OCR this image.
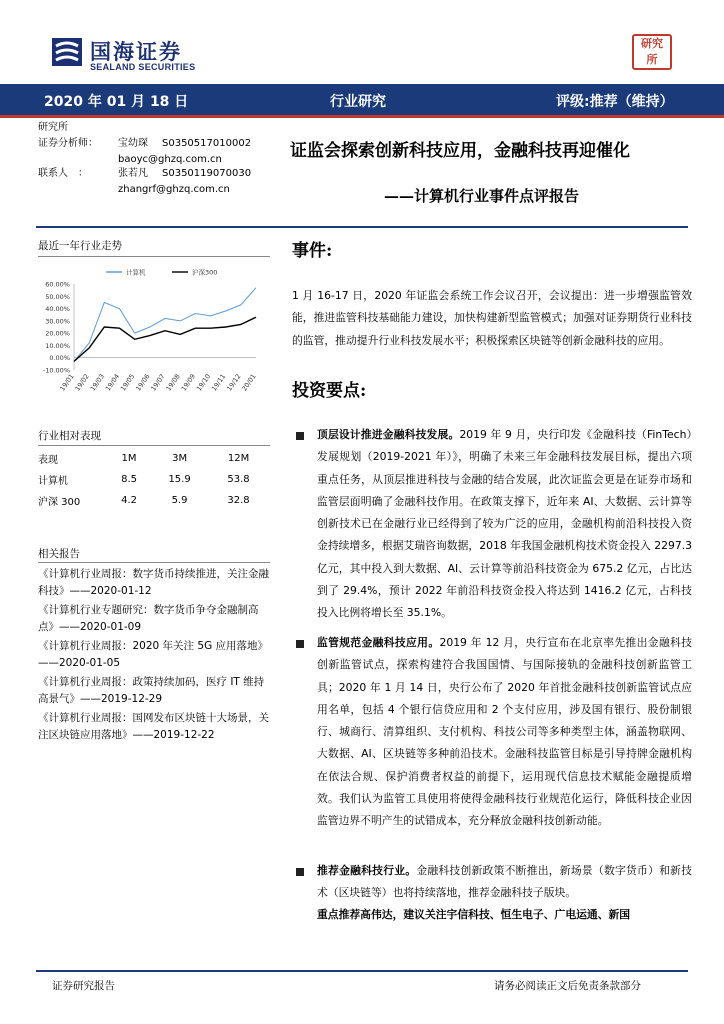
国海证券
SEALAND SECURITIES
研究 所
2020 年 01 月 18 日	行业研究	评级:推荐（维持）
研究所
证券分析师： 宝幼琛 S0350517010002
baoyc@ghzq.com.cn
联系人　：	张若凡 S0350119070030
zhangrf@ghzq.com.cn
证监会探索创新科技应用，金融科技再迎催化
——计算机行业事件点评报告
最近一年行业走势
60.00%
50.00%
40.00%
30.00%
20.00%
10.00%
0.00%
-10.00%
19/01
19/02
19/03
19/04
19/05
19/06
19/07
19/08
19/09
19/10
19/11
19/12
20/01
计算机	沪深300
行业相对表现
表现	1M	3M	12M
计算机	8.5	15.9	53.8
沪深 300	4.2	5.9	32.8
相关报告
《计算机行业周报：数字货币持续推进，关注金融科技》——2020-01-12
《计算机行业专题研究：数字货币争夺金融制高点》——2020-01-09
《计算机行业周报：2020 年关注 5G 应用落地》——2020-01-05
《计算机行业周报：政策持续加码，医疗 IT 维持高景气》——2019-12-29
《计算机行业周报：国网发布区块链十大场景，关注区块链应用落地》——2019-12-22
事件:
1 月 16-17 日，2020 年证监会系统工作会议召开，会议提出：进一步增强监管效能，推进监管科技基础能力建设，加快构建新型监管模式；加强对证券期货行业科技的监管，推动提升行业科技发展水平；积极探索区块链等创新金融科技的应用。
投资要点:
顶层设计推进金融科技发展。2019 年 9 月，央行印发《金融科技（FinTech）发展规划（2019-2021 年）》，明确了未来三年金融科技发展目标，提出六项重点任务，从顶层推进科技与金融的结合发展，此次证监会更是在证券市场和监管层面明确了金融科技作用。在政策支撑下，近年来 AI、大数据、云计算等创新技术已在金融行业已经得到了较为广泛的应用，金融机构前沿科技投入资金持续增多，根据艾瑞咨询数据，2018 年我国金融机构技术资金投入 2297.3 亿元，其中投入到大数据、AI、云计算等前沿科技资金为 675.2 亿元，占比达到了 29.4%，预计 2022 年前沿科技资金投入将达到 1416.2 亿元，占科技投入比例将增长至 35.1%。
监管规范金融科技应用。2019 年 12 月，央行宣布在北京率先推出金融科技创新监管试点，探索构建符合我国国情、与国际接轨的金融科技创新监管工具；2020 年 1 月 14 日，央行公布了 2020 年首批金融科技创新监管试点应用名单，包括 4 个银行信贷应用和 2 个支付应用，涉及国有银行、股份制银行、城商行、清算组织、支付机构、科技公司等多种类型主体，涵盖物联网、大数据、AI、区块链等多种前沿技术。金融科技监管目标是引导持牌金融机构在依法合规、保护消费者权益的前提下，运用现代信息技术赋能金融提质增效。我们认为监管工具使用将使得金融科技行业规范化运行，降低科技企业因监管边界不明产生的试错成本，充分释放金融科技创新动能。
推荐金融科技行业。金融科技创新政策不断推出，新场景（数字货币）和新技术（区块链等）也将持续落地，推荐金融科技子版块。
重点推荐高伟达，建议关注宇信科技、恒生电子、广电运通、新国
证券研究报告	请务必阅读正文后免责条款部分
